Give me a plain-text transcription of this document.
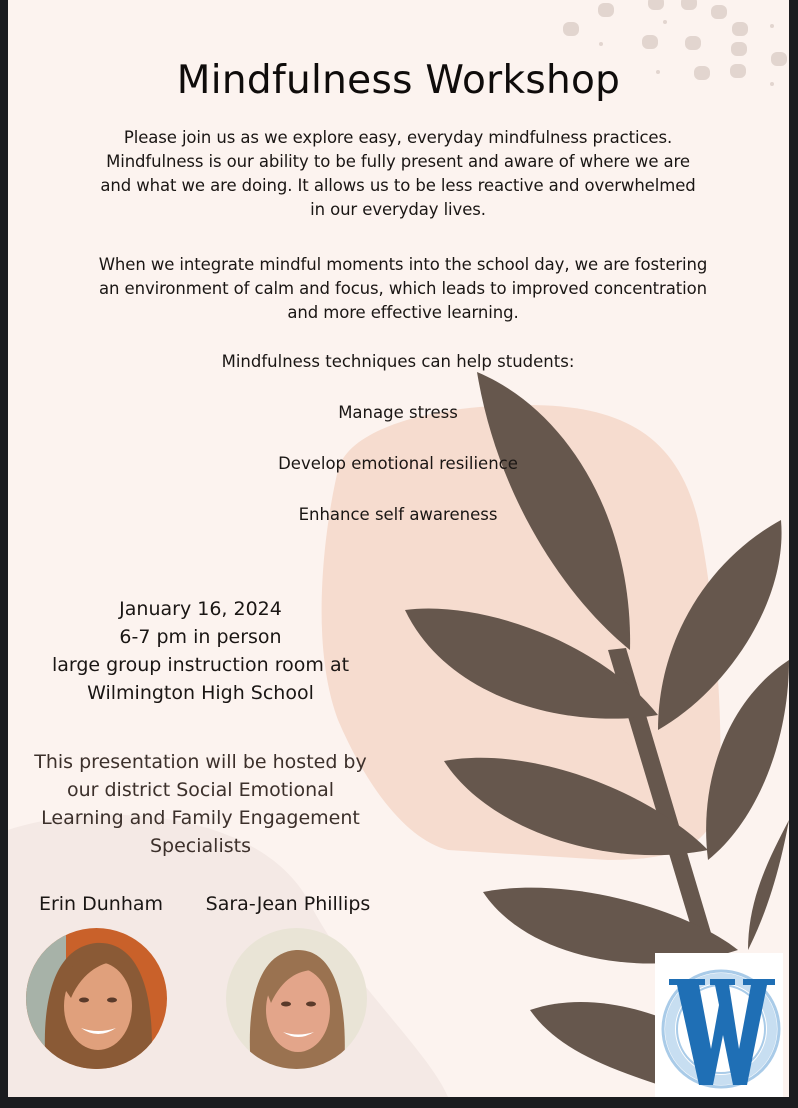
Mindfulness Workshop
Please join us as we explore easy, everyday mindfulness practices.
Mindfulness is our ability to be fully present and aware of where we are
and what we are doing. It allows us to be less reactive and overwhelmed
in our everyday lives.
When we integrate mindful moments into the school day, we are fostering
an environment of calm and focus, which leads to improved concentration
and more effective learning.
Mindfulness techniques can help students:
Manage stress
Develop emotional resilience
Enhance self awareness
January 16, 2024
6-7 pm in person
large group instruction room at
Wilmington High School
This presentation will be hosted by
our district Social Emotional
Learning and Family Engagement
Specialists
Erin Dunham	Sara-Jean Phillips
